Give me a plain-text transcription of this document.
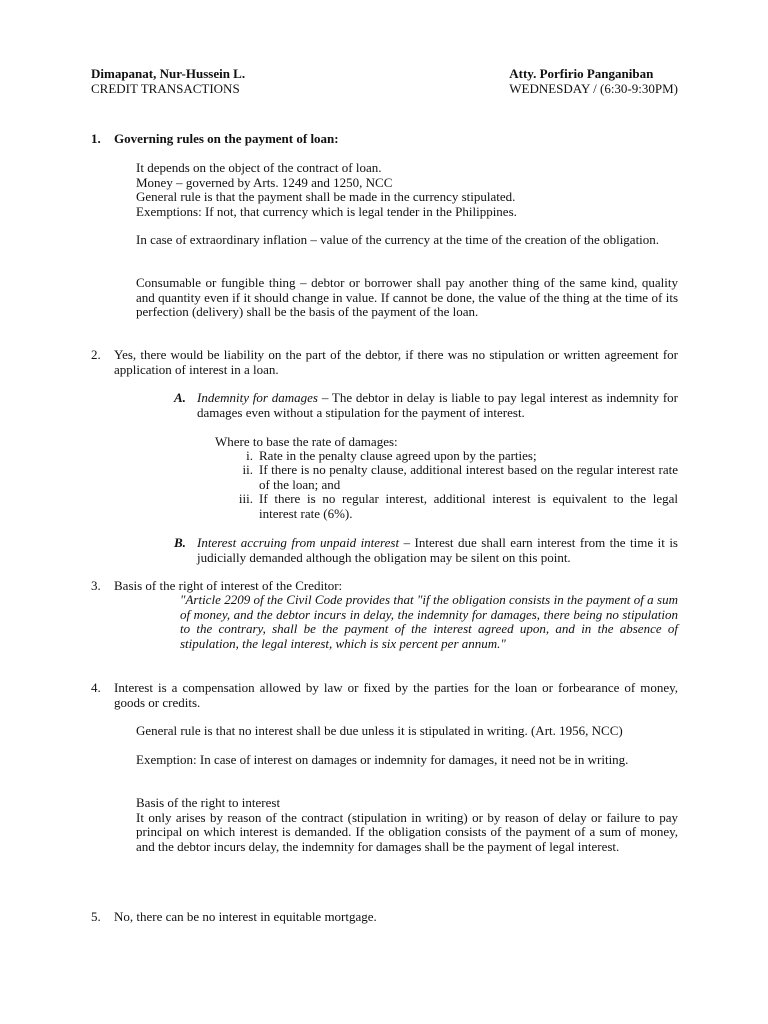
Dimapanat, Nur-Hussein L.
CREDIT TRANSACTIONS
Atty. Porfirio Panganiban
WEDNESDAY / (6:30-9:30PM)
1. Governing rules on the payment of loan:
It depends on the object of the contract of loan.
Money – governed by Arts. 1249 and 1250, NCC
General rule is that the payment shall be made in the currency stipulated.
Exemptions: If not, that currency which is legal tender in the Philippines.
In case of extraordinary inflation – value of the currency at the time of the creation of the obligation.
Consumable or fungible thing – debtor or borrower shall pay another thing of the same kind, quality and quantity even if it should change in value. If cannot be done, the value of the thing at the time of its perfection (delivery) shall be the basis of the payment of the loan.
2. Yes, there would be liability on the part of the debtor, if there was no stipulation or written agreement for application of interest in a loan.
A. Indemnity for damages – The debtor in delay is liable to pay legal interest as indemnity for damages even without a stipulation for the payment of interest.
Where to base the rate of damages:
i. Rate in the penalty clause agreed upon by the parties;
ii. If there is no penalty clause, additional interest based on the regular interest rate of the loan; and
iii. If there is no regular interest, additional interest is equivalent to the legal interest rate (6%).
B. Interest accruing from unpaid interest – Interest due shall earn interest from the time it is judicially demanded although the obligation may be silent on this point.
3. Basis of the right of interest of the Creditor:
"Article 2209 of the Civil Code provides that "if the obligation consists in the payment of a sum of money, and the debtor incurs in delay, the indemnity for damages, there being no stipulation to the contrary, shall be the payment of the interest agreed upon, and in the absence of stipulation, the legal interest, which is six percent per annum."
4. Interest is a compensation allowed by law or fixed by the parties for the loan or forbearance of money, goods or credits.
General rule is that no interest shall be due unless it is stipulated in writing. (Art. 1956, NCC)
Exemption: In case of interest on damages or indemnity for damages, it need not be in writing.
Basis of the right to interest
It only arises by reason of the contract (stipulation in writing) or by reason of delay or failure to pay principal on which interest is demanded. If the obligation consists of the payment of a sum of money, and the debtor incurs delay, the indemnity for damages shall be the payment of legal interest.
5. No, there can be no interest in equitable mortgage.
